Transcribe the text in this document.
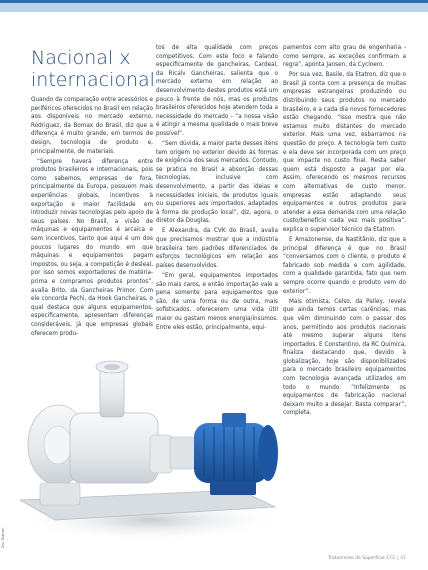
Nacional x
internacional

Quando da comparação entre acessórios e periféricos oferecidos no Brasil em relação aos disponíveis no mercado externo, Rodriguez, da Bomax do Brasil, diz que a diferença é muito grande, em termos de design, tecnologia de produto e, principalmente, de materiais.

“Sempre haverá diferença entre produtos brasileiros e internacionais, pois como sabemos, empresas de fora, principalmente da Europa, possuem mais experiências globais, incentivos à exportação e maior facilidade em introduzir novas tecnologias pelo apoio de seus países. No Brasil, a visão de máquinas e equipamentos é arcaica e sem incentivos, tanto que aqui é um dos poucos lugares do mundo em que máquinas e equipamentos pagam impostos, ou seja, a competição é desleal, por isso somos exportadores de matéria-prima e compramos produtos prontos”, avalia Brito, da Gancheiras Primor. Com ele concorda Pechi, da Hook Gancheiras, o qual destaca que alguns equipamentos, especificamente, apresentam diferenças consideráveis, já que empresas globais oferecem produ-

tos de alta qualidade com preços competitivos. Com este foco e falando especificamente de gancheiras, Cardeal, da Ricalv Gancheiras, salienta que o mercado externo em relação ao desenvolvimento destes produtos está um pouco à frente de nós, mas os produtos brasileiros oferecidos hoje atendem toda a necessidade do mercado - “a nossa visão é atingir a mesma qualidade o mais breve possível”.

“Sem dúvida, a maior parte desses itens tem origem no exterior devido às formas de exigência dos seus mercados. Contudo, se pratica no Brasil a absorção dessas tecnologias, inclusive com desenvolvimento, a partir das ideias e necessidades iniciais, de produtos iguais ou superiores aos importados, adaptados à forma de produção local”, diz, agora, o diretor da Douglas.

E Alexandra, da CVK do Brasil, avalia que precisamos mostrar que a indústria brasileira tem padrões diferenciados de esforços tecnológicos em relação aos países desenvolvidos.

“Em geral, equipamentos importados são mais caros, e então importação vale a pena somente para equipamentos que são, de uma forma ou de outra, mais sofisticados, oferecerem uma vida útil maior ou gastam menos energia/insumos. Entre eles estão, principalmente, equi-

pamentos com alto grau de engenharia - como sempre, as exceções confirmam a regra”, aponta Jansen, da Cycloero.

Por sua vez, Basile, da Etatron, diz que o Brasil já conta com a presença de muitas empresas estrangeiras produzindo ou distribuindo seus produtos no mercado brasileiro, e a cada dia novos fornecedores estão chegando. “Isso mostra que não estamos muito distantes do mercado exterior. Mais uma vez, esbarramos na questão do preço. A tecnologia tem custo e ela deve ser incorporada com um preço que impacte no custo final. Resta saber quem está disposto a pagar por ela. Assim, oferecendo os mesmos recursos com alternativas de custo menor, empresas estão adaptando seus equipamentos e outros produtos para atender a essa demanda com uma relação custo/benefício cada vez mais positiva”, explica o supervisor técnico da Etatron.

E Amazonense, da Nastitânio, diz que a principal diferença é que no Brasil “conversamos com o cliente, o produto é fabricado sob medida e com agilidade, com a qualidade garantida, fato que nem sempre ocorre quando o produto vem do exterior”.

Mais otimista, Celso, da Palley, revela que ainda temos certas carências, mas que vêm diminuindo com o passar dos anos, permitindo aos produtos nacionais até mesmo superar alguns itens importados. E Constantino, da RC Química, finaliza destacando que, devido à globalização, hoje são disponibilizados para o mercado brasileiro equipamentos com tecnologia avançada utilizados em todo o mundo. “Infelizmente os equipamentos de fabricação nacional deixam muito a desejar. Basta comparar”, completa.

Div. Etatron
Tratamento de Superfície 173 | 47
